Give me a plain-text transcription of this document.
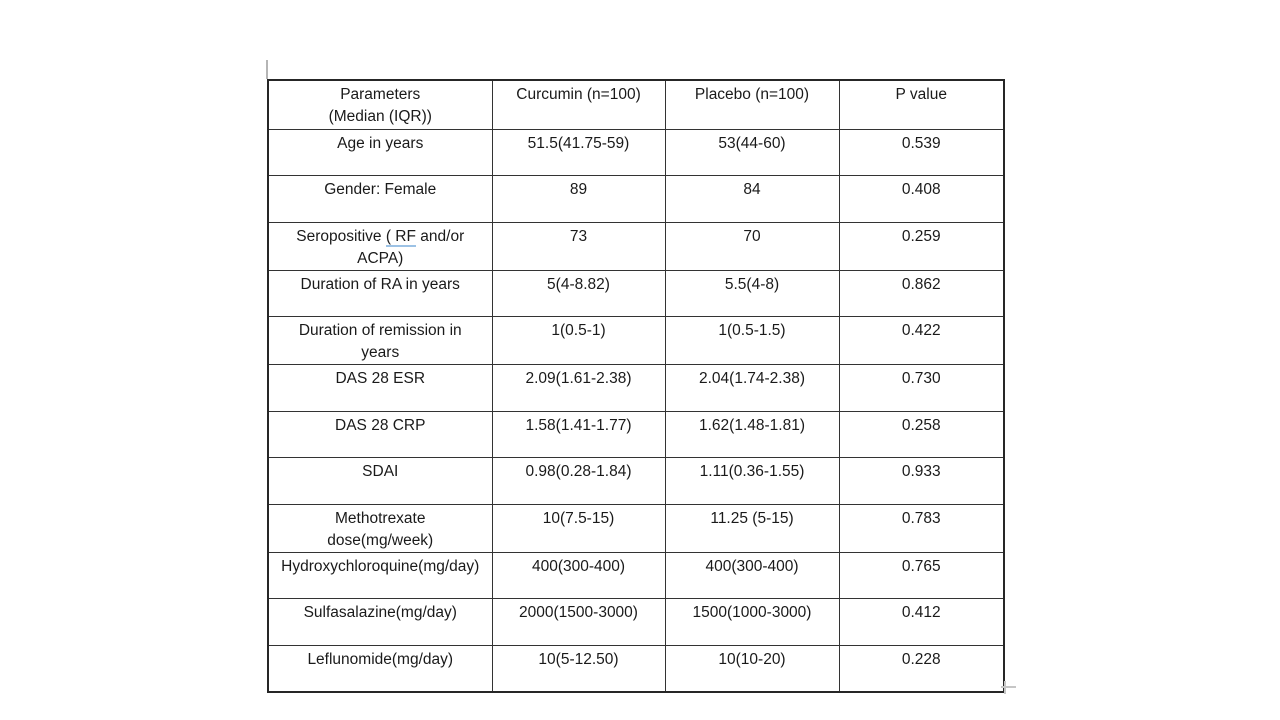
Parameters
(Median (IQR))	Curcumin (n=100)	Placebo (n=100)	P value

Age in years	51.5(41.75-59)	53(44-60)	0.539

Gender: Female	89	84	0.408

Seropositive ( RF and/or
ACPA)	73	70	0.259

Duration of RA in years	5(4-8.82)	5.5(4-8)	0.862

Duration of remission in
years	1(0.5-1)	1(0.5-1.5)	0.422

DAS 28 ESR	2.09(1.61-2.38)	2.04(1.74-2.38)	0.730

DAS 28 CRP	1.58(1.41-1.77)	1.62(1.48-1.81)	0.258

SDAI	0.98(0.28-1.84)	1.11(0.36-1.55)	0.933

Methotrexate
dose(mg/week)	10(7.5-15)	11.25 (5-15)	0.783

Hydroxychloroquine(mg/day)	400(300-400)	400(300-400)	0.765

Sulfasalazine(mg/day)	2000(1500-3000)	1500(1000-3000)	0.412

Leflunomide(mg/day)	10(5-12.50)	10(10-20)	0.228
